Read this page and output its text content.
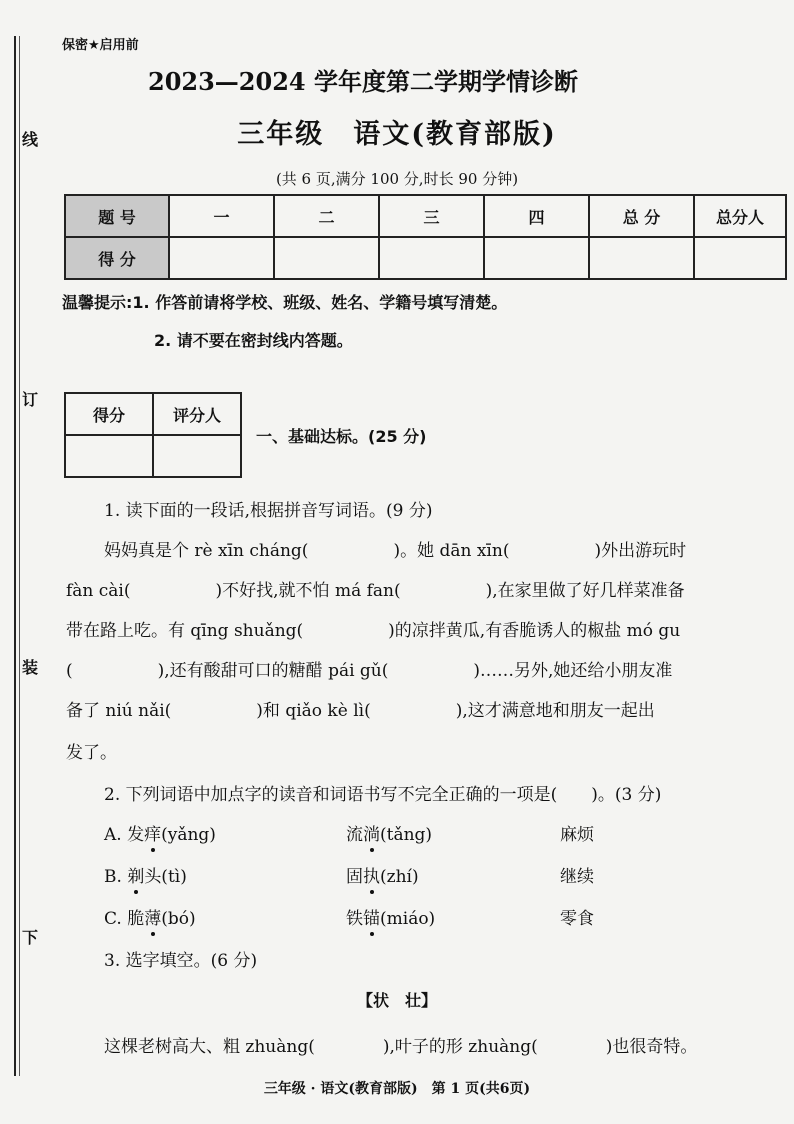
线
订
装
下
保密★启用前
2023—2024 学年度第二学期学情诊断
三年级　语文(教育部版)
(共 6 页,满分 100 分,时长 90 分钟)
题 号	一	二	三	四	总 分	总分人
得 分						
温馨提示:1. 作答前请将学校、班级、姓名、学籍号填写清楚。
2. 请不要在密封线内答题。
得分	评分人

一、基础达标。(25 分)
1. 读下面的一段话,根据拼音写词语。(9 分)
妈妈真是个 rè xīn cháng(　　　　　)。她 dān xīn(　　　　　)外出游玩时
fàn cài(　　　　　)不好找,就不怕 má fan(　　　　　),在家里做了好几样菜准备
带在路上吃。有 qīng shuǎng(　　　　　)的凉拌黄瓜,有香脆诱人的椒盐 mó gu
(　　　　　),还有酸甜可口的糖醋 pái gǔ(　　　　　)……另外,她还给小朋友准
备了 niú nǎi(　　　　　)和 qiǎo kè lì(　　　　　),这才满意地和朋友一起出
发了。
2. 下列词语中加点字的读音和词语书写不完全正确的一项是(　　)。(3 分)
A. 发痒(yǎng)	流淌(tǎng)	麻烦
B. 剃头(tì)	固执(zhí)	继续
C. 脆薄(bó)	铁锚(miáo)	零食
3. 选字填空。(6 分)
【状　壮】
这棵老树高大、粗 zhuàng(　　　　),叶子的形 zhuàng(　　　　)也很奇特。
三年级 · 语文(教育部版)　第 1 页(共6页)
